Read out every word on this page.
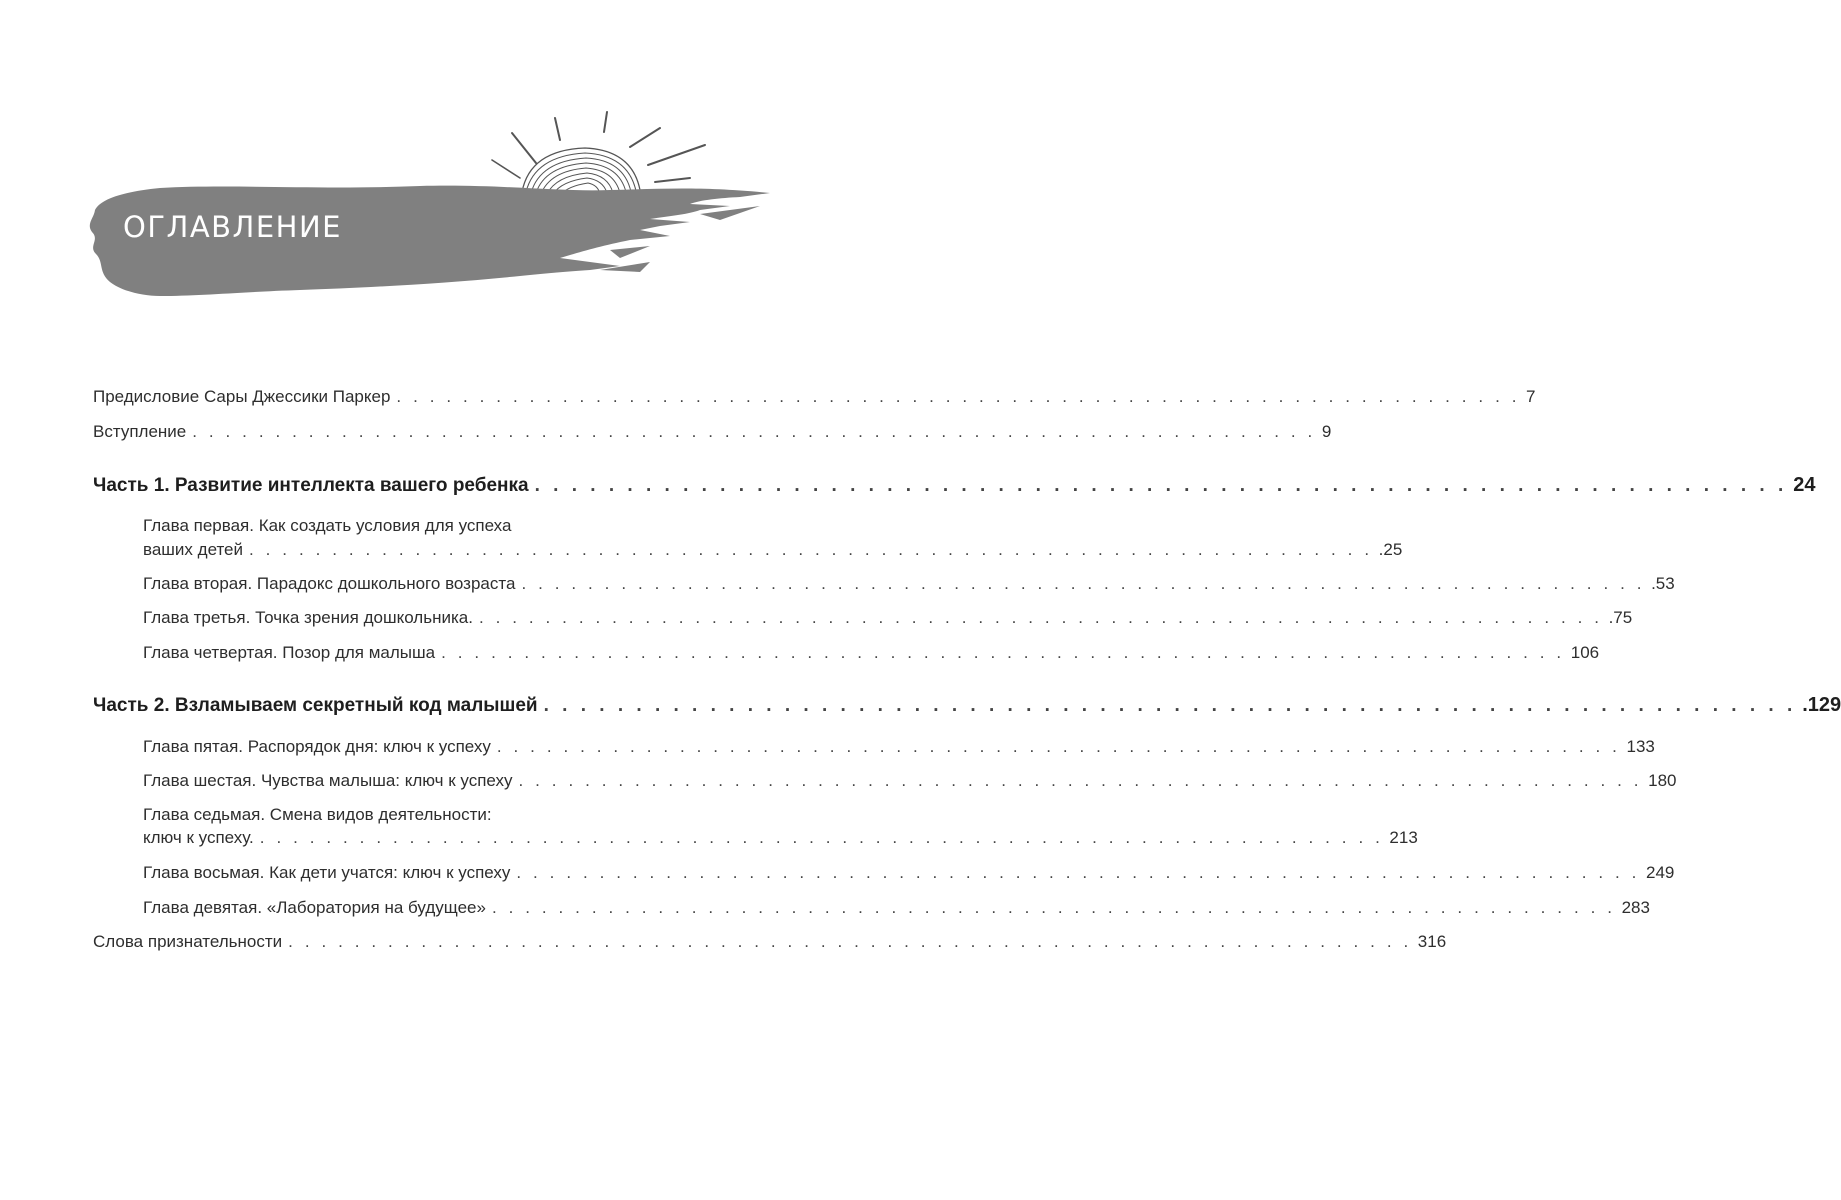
ОГЛАВЛЕНИЕ
Предисловие Сары Джессики Паркер . . .	7
Вступление . . .	9
Часть 1. Развитие интеллекта вашего ребенка . . .	24
Глава первая. Как создать условия для успеха
ваших детей . . .	.25
Глава вторая. Парадокс дошкольного возраста . . .	.53
Глава третья. Точка зрения дошкольника. . . .	.75
Глава четвертая. Позор для малыша . . .	106
Часть 2. Взламываем секретный код малышей . . .	.129
Глава пятая. Распорядок дня: ключ к успеху . . .	133
Глава шестая. Чувства малыша: ключ к успеху . . .	180
Глава седьмая. Смена видов деятельности:
ключ к успеху. . . .	213
Глава восьмая. Как дети учатся: ключ к успеху . . .	249
Глава девятая. «Лаборатория на будущее» . . .	283
Слова признательности . . .	316
